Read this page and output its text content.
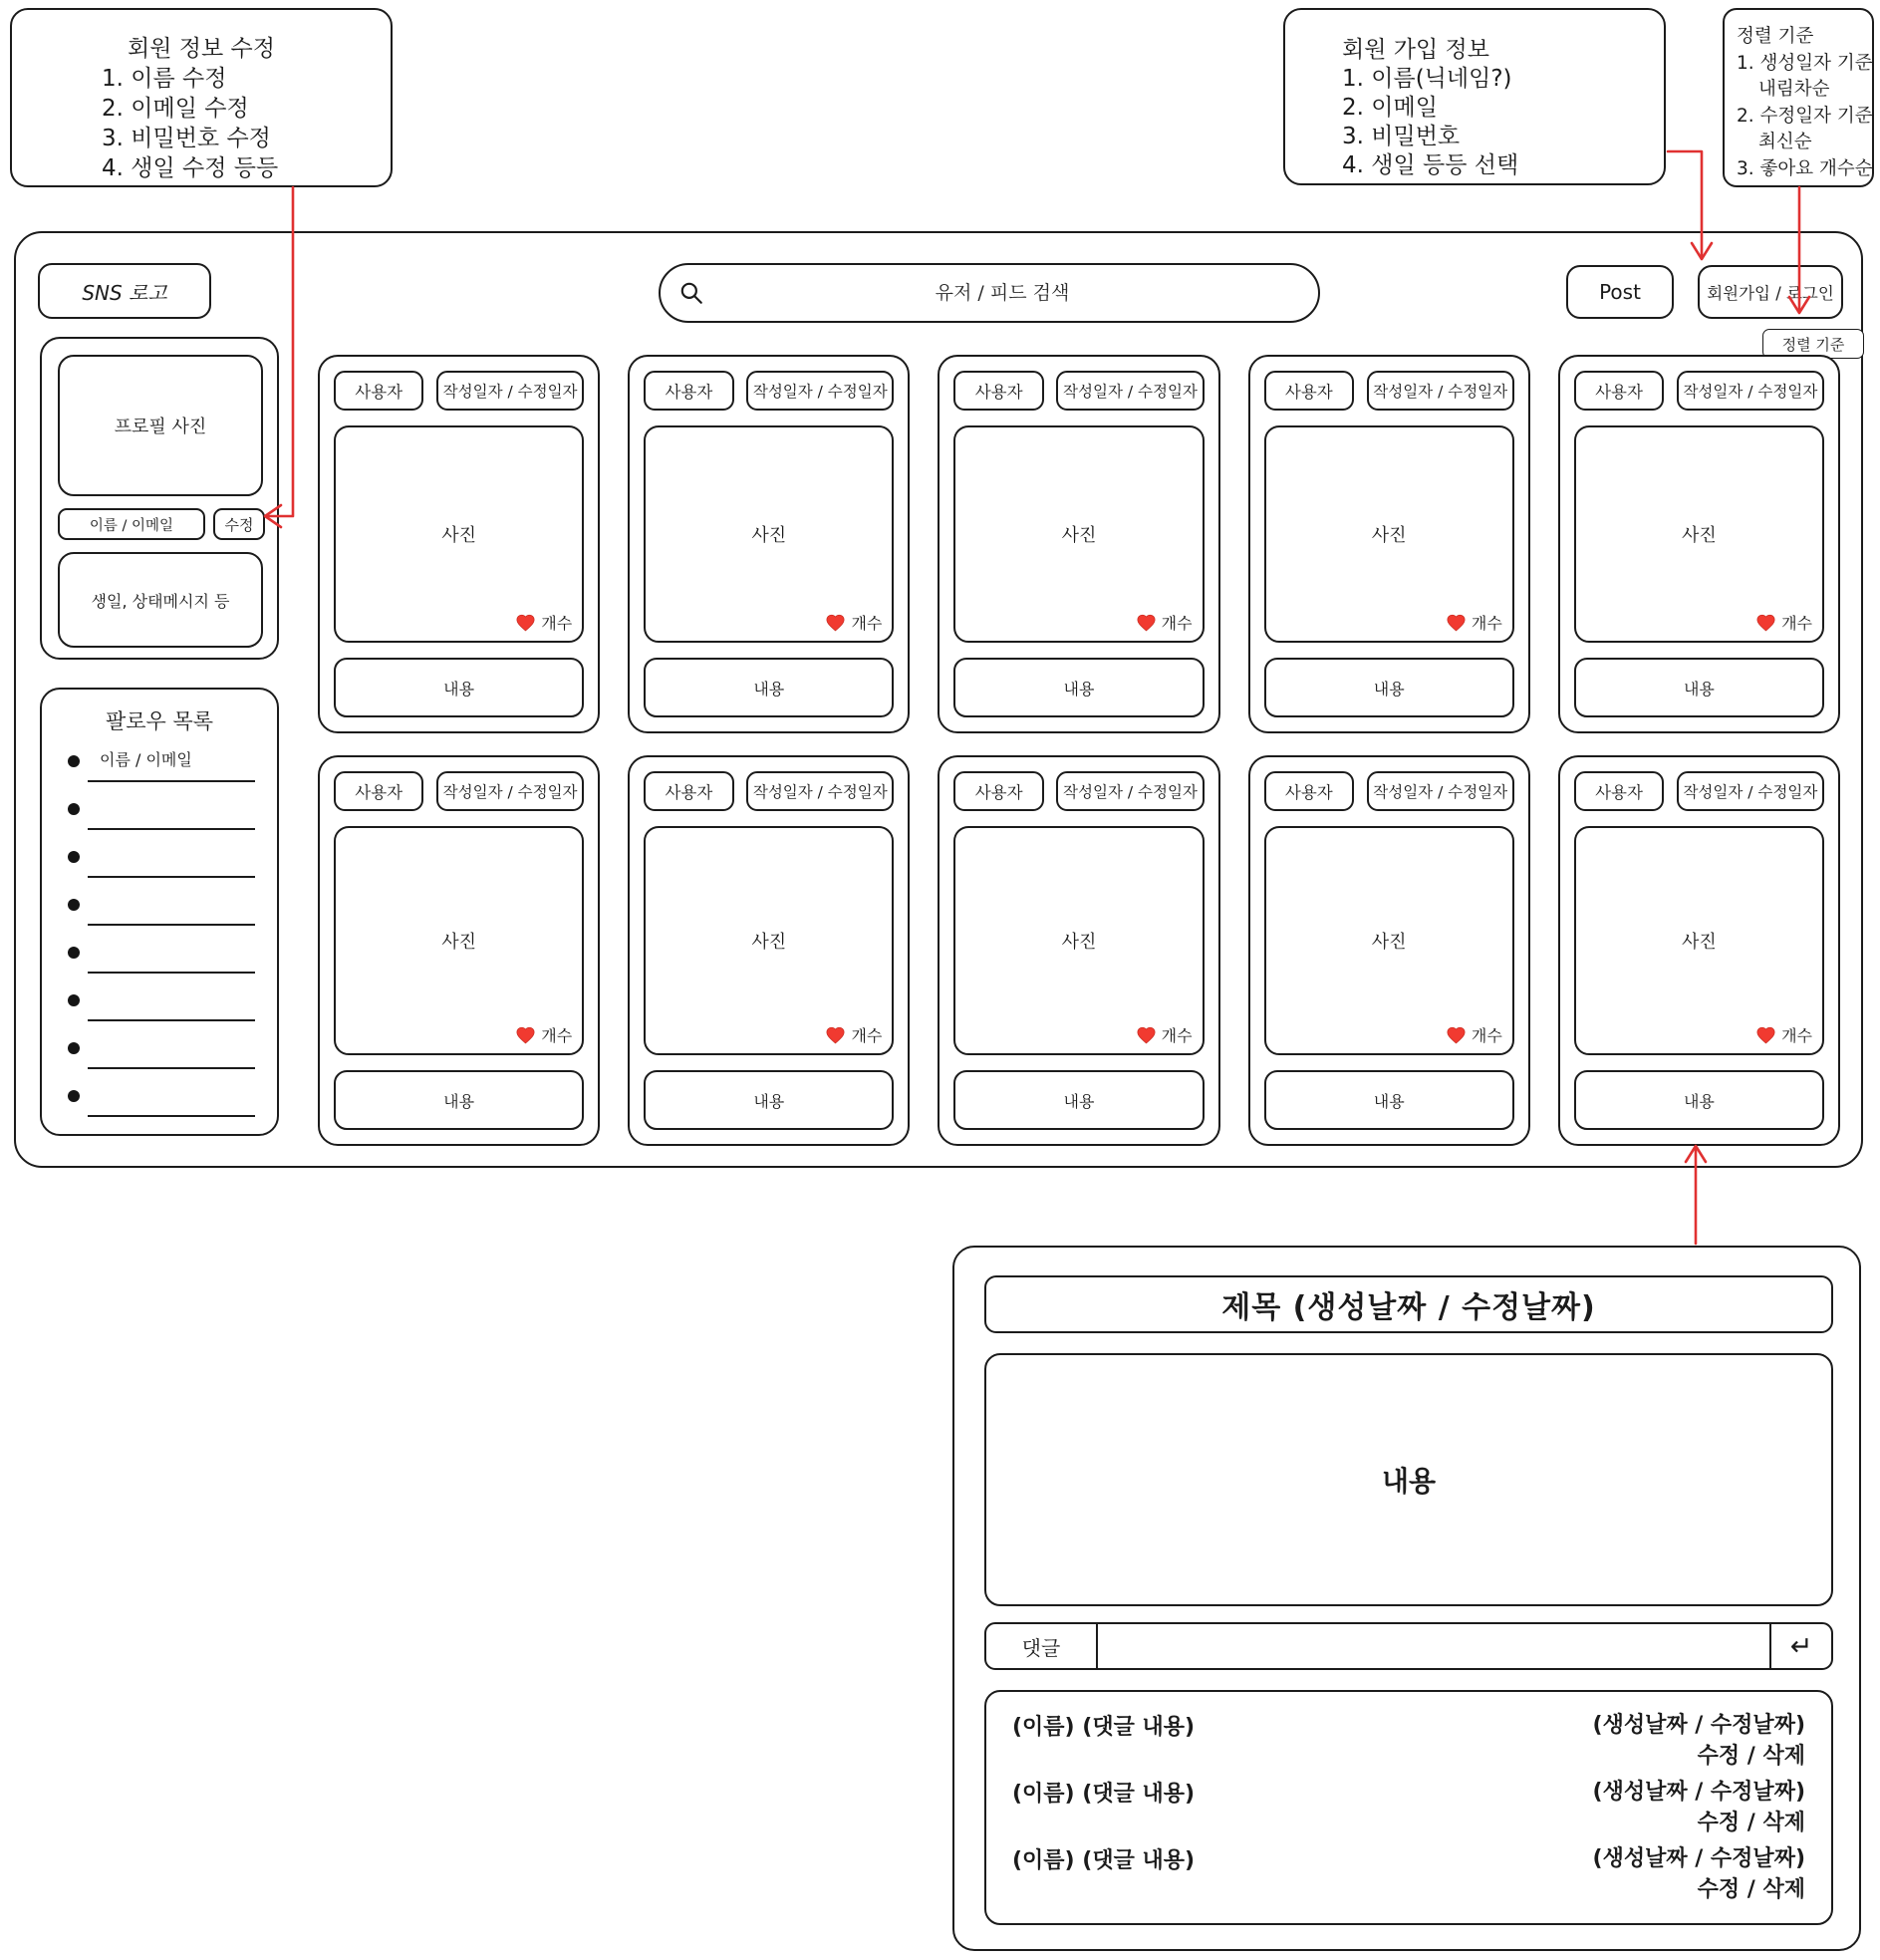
회원 정보 수정
1. 이름 수정
2. 이메일 수정
3. 비밀번호 수정
4. 생일 수정 등등
회원 가입 정보
1. 이름(닉네임?)
2. 이메일
3. 비밀번호
4. 생일 등등 선택
정렬 기준
1. 생성일자 기준
내림차순
2. 수정일자 기준
최신순
3. 좋아요 개수순
SNS 로고
유저 / 피드 검색	Post	회원가입 / 로그인
정렬 기준
프로필 사진
이름 / 이메일	수정
생일, 상태메시지 등
팔로우 목록
이름 / 이메일
사용자	작성일자 / 수정일자
사진
개수
내용
사용자	작성일자 / 수정일자
사진
개수
내용
사용자	작성일자 / 수정일자
사진
개수
내용
사용자	작성일자 / 수정일자
사진
개수
내용
사용자	작성일자 / 수정일자
사진
개수
내용
사용자	작성일자 / 수정일자
사진
개수
내용
사용자	작성일자 / 수정일자
사진
개수
내용
사용자	작성일자 / 수정일자
사진
개수
내용
사용자	작성일자 / 수정일자
사진
개수
내용
사용자	작성일자 / 수정일자
사진
개수
내용
제목 (생성날짜 / 수정날짜)
내용
댓글	↵
(이름) (댓글 내용)	(생성날짜 / 수정날짜)
수정 / 삭제
(이름) (댓글 내용)	(생성날짜 / 수정날짜)
수정 / 삭제
(이름) (댓글 내용)	(생성날짜 / 수정날짜)
수정 / 삭제
